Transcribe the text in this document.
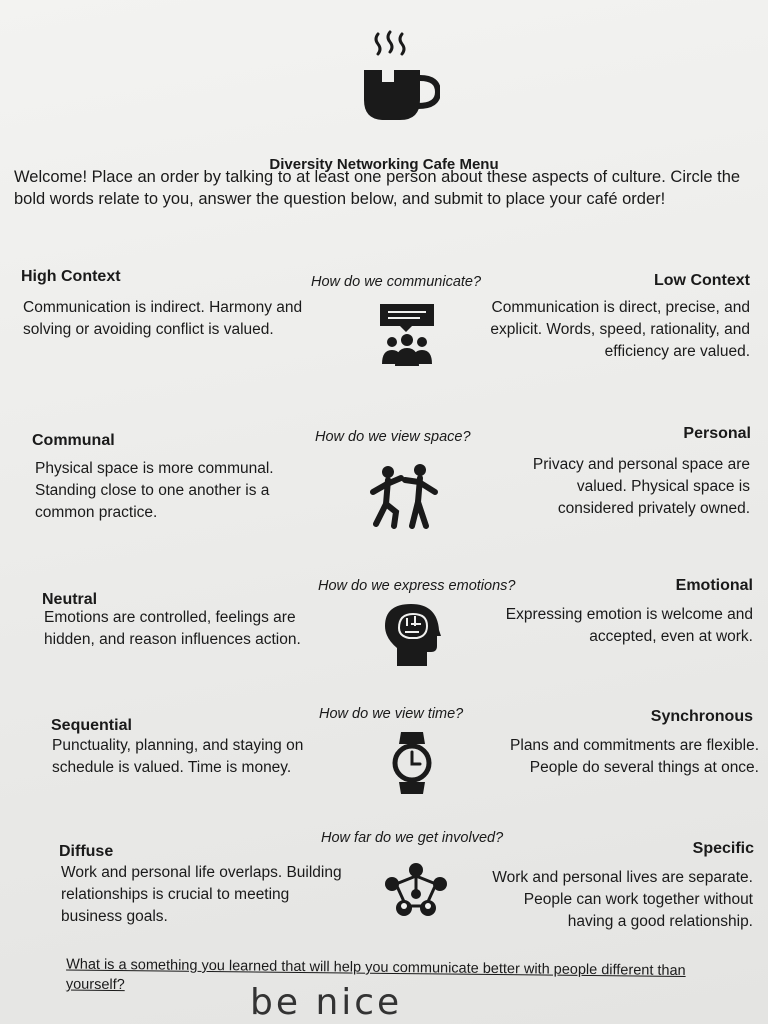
Diversity Networking Cafe Menu
Welcome! Place an order by talking to at least one person about these aspects of culture. Circle the bold words relate to you, answer the question below, and submit to place your café order!
High Context	How do we communicate?	Low Context
Communication is indirect. Harmony and solving or avoiding conflict is valued.
Communication is direct, precise, and explicit. Words, speed, rationality, and efficiency are valued.
Communal	How do we view space?	Personal
Physical space is more communal. Standing close to one another is a common practice.
Privacy and personal space are valued. Physical space is considered privately owned.
Neutral
How do we express emotions?	Emotional
Emotions are controlled, feelings are hidden, and reason influences action.
Expressing emotion is welcome and accepted, even at work.
Sequential
How do we view time?	Synchronous
Punctuality, planning, and staying on schedule is valued. Time is money.
Plans and commitments are flexible. People do several things at once.
Diffuse
How far do we get involved?
Specific
Work and personal life overlaps. Building relationships is crucial to meeting business goals.
Work and personal lives are separate. People can work together without having a good relationship.
What is a something you learned that will help you communicate better with people different than yourself?	be nice
